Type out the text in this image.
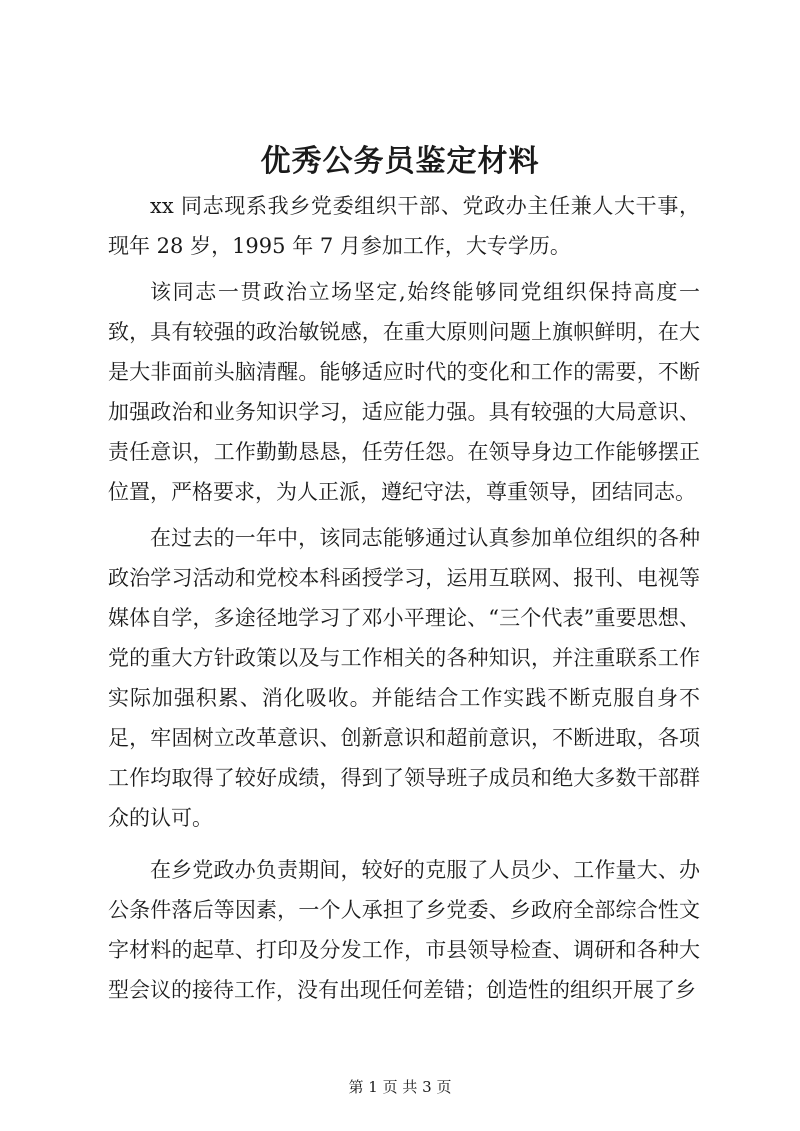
优秀公务员鉴定材料

xx 同志现系我乡党委组织干部、党政办主任兼人大干事，现年 28 岁，1995 年 7 月参加工作，大专学历。

该同志一贯政治立场坚定,始终能够同党组织保持高度一致，具有较强的政治敏锐感，在重大原则问题上旗帜鲜明，在大是大非面前头脑清醒。能够适应时代的变化和工作的需要，不断加强政治和业务知识学习，适应能力强。具有较强的大局意识、责任意识，工作勤勤恳恳，任劳任怨。在领导身边工作能够摆正位置，严格要求，为人正派，遵纪守法，尊重领导，团结同志。

在过去的一年中，该同志能够通过认真参加单位组织的各种政治学习活动和党校本科函授学习，运用互联网、报刊、电视等媒体自学，多途径地学习了邓小平理论、“三个代表”重要思想、党的重大方针政策以及与工作相关的各种知识，并注重联系工作实际加强积累、消化吸收。并能结合工作实践不断克服自身不足，牢固树立改革意识、创新意识和超前意识，不断进取，各项工作均取得了较好成绩，得到了领导班子成员和绝大多数干部群众的认可。

在乡党政办负责期间，较好的克服了人员少、工作量大、办公条件落后等因素，一个人承担了乡党委、乡政府全部综合性文字材料的起草、打印及分发工作，市县领导检查、调研和各种大型会议的接待工作，没有出现任何差错；创造性的组织开展了乡

第 1 页 共 3 页
